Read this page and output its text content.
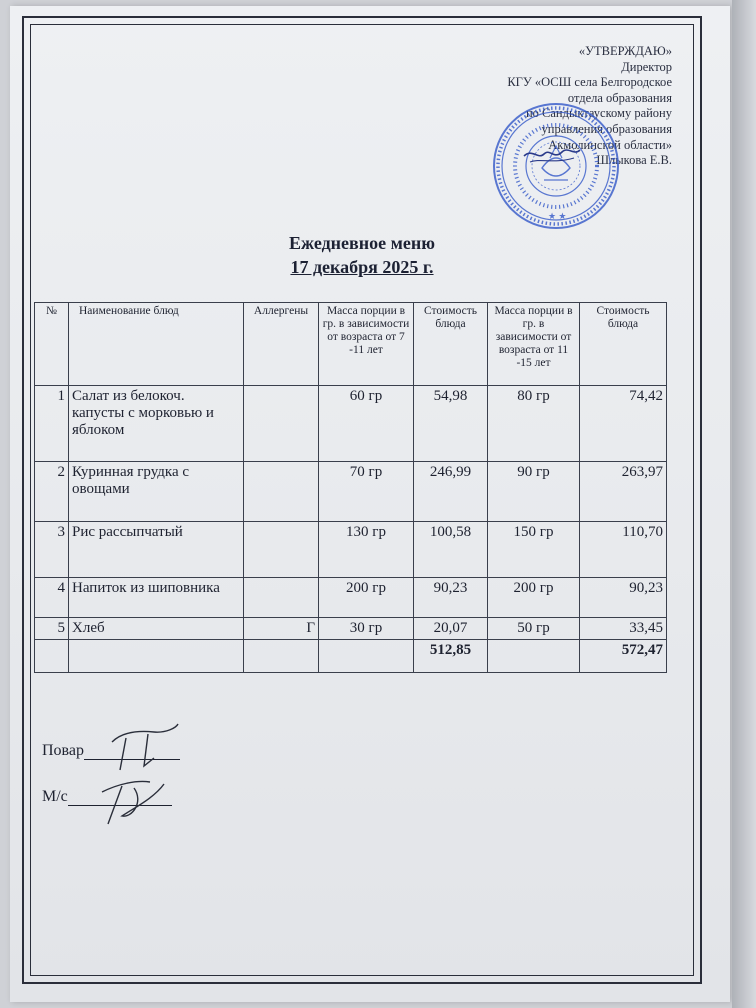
«УТВЕРЖДАЮ»
Директор
КГУ «ОСШ села Белгородское
отдела образования
по Сандыктаускому району
управления образования
Акмолинской области»
Шлыкова Е.В.
★ ★
Ежедневное меню
17 декабря 2025 г.
№	Наименование блюд	Аллергены	Масса порции в гр. в зависимости от возраста от 7 -11 лет	Стоимость блюда	Масса порции в гр. в зависимости от возраста от 11 -15 лет	Стоимость блюда
1	Салат из белокоч. капусты с морковью и яблоком		60 гр	54,98	80 гр	74,42
2	Куринная грудка с овощами		70 гр	246,99	90 гр	263,97
3	Рис рассыпчатый		130 гр	100,58	150 гр	110,70
4	Напиток из шиповника		200 гр	90,23	200 гр	90,23
5	Хлеб	Г	30 гр	20,07	50 гр	33,45
				512,85		572,47
Повар
М/с
